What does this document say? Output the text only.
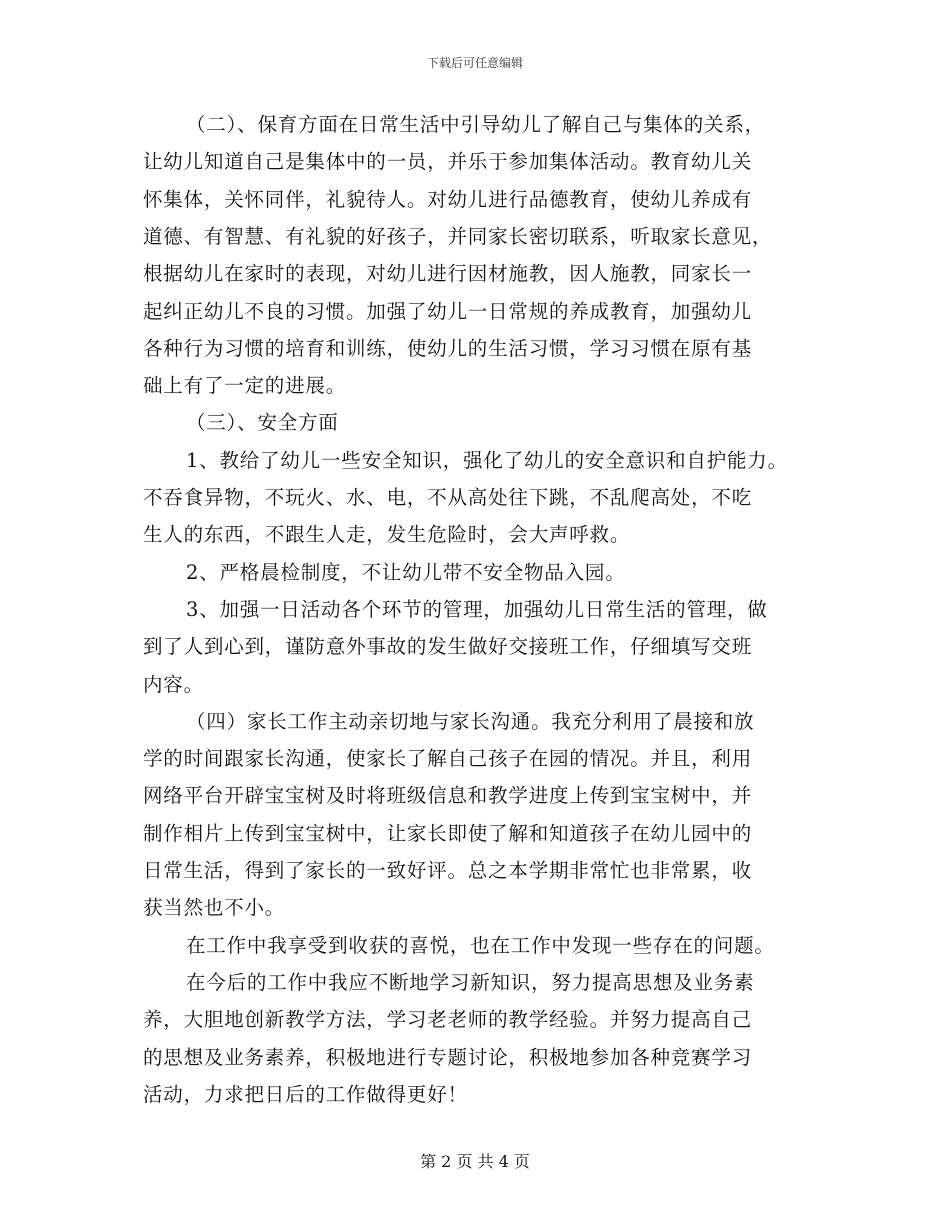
下载后可任意编辑
（二）、保育方面在日常生活中引导幼儿了解自己与集体的关系，
让幼儿知道自己是集体中的一员，并乐于参加集体活动。教育幼儿关
怀集体，关怀同伴，礼貌待人。对幼儿进行品德教育，使幼儿养成有
道德、有智慧、有礼貌的好孩子，并同家长密切联系，听取家长意见，
根据幼儿在家时的表现，对幼儿进行因材施教，因人施教，同家长一
起纠正幼儿不良的习惯。加强了幼儿一日常规的养成教育，加强幼儿
各种行为习惯的培育和训练，使幼儿的生活习惯，学习习惯在原有基
础上有了一定的进展。
（三）、安全方面
1、教给了幼儿一些安全知识，强化了幼儿的安全意识和自护能力。
不吞食异物，不玩火、水、电，不从高处往下跳，不乱爬高处，不吃
生人的东西，不跟生人走，发生危险时，会大声呼救。
2、严格晨检制度，不让幼儿带不安全物品入园。
3、加强一日活动各个环节的管理，加强幼儿日常生活的管理，做
到了人到心到，谨防意外事故的发生做好交接班工作，仔细填写交班
内容。
（四）家长工作主动亲切地与家长沟通。我充分利用了晨接和放
学的时间跟家长沟通，使家长了解自己孩子在园的情况。并且，利用
网络平台开辟宝宝树及时将班级信息和教学进度上传到宝宝树中，并
制作相片上传到宝宝树中，让家长即使了解和知道孩子在幼儿园中的
日常生活，得到了家长的一致好评。总之本学期非常忙也非常累，收
获当然也不小。
在工作中我享受到收获的喜悦，也在工作中发现一些存在的问题。
在今后的工作中我应不断地学习新知识，努力提高思想及业务素
养，大胆地创新教学方法，学习老老师的教学经验。并努力提高自己
的思想及业务素养，积极地进行专题讨论，积极地参加各种竞赛学习
活动，力求把日后的工作做得更好！
第 2 页 共 4 页
